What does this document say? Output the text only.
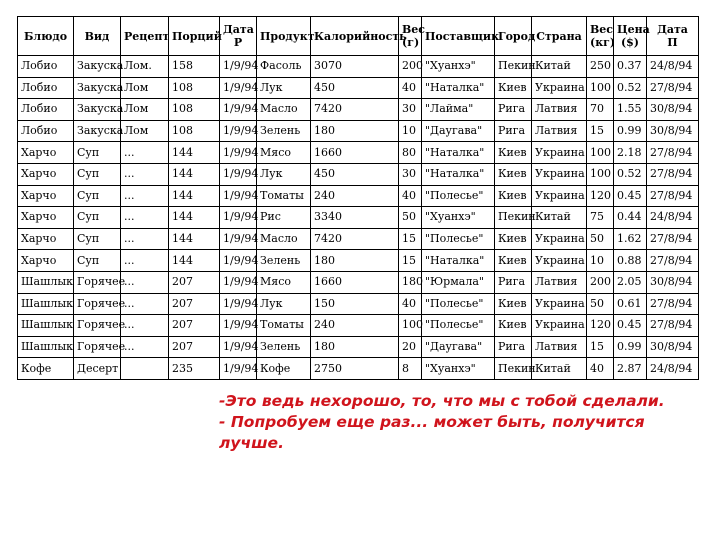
Блюдо	Вид	Рецепт	Порций	Дата Р	Продукт	Калорийность	Вес (г)	Поставщик	Город	Страна	Вес (кг)	Цена ($)	Дата П
Лобио	Закуска	Лом.	158	1/9/94	Фасоль	3070	200	"Хуанхэ"	Пекин	Китай	250	0.37	24/8/94
Лобио	Закуска	Лом	108	1/9/94	Лук	450	40	"Наталка"	Киев	Украина	100	0.52	27/8/94
Лобио	Закуска	Лом	108	1/9/94	Масло	7420	30	"Лайма"	Рига	Латвия	70	1.55	30/8/94
Лобио	Закуска	Лом	108	1/9/94	Зелень	180	10	"Даугава"	Рига	Латвия	15	0.99	30/8/94
Харчо	Суп	...	144	1/9/94	Мясо	1660	80	"Наталка"	Киев	Украина	100	2.18	27/8/94
Харчо	Суп	...	144	1/9/94	Лук	450	30	"Наталка"	Киев	Украина	100	0.52	27/8/94
Харчо	Суп	...	144	1/9/94	Томаты	240	40	"Полесье"	Киев	Украина	120	0.45	27/8/94
Харчо	Суп	...	144	1/9/94	Рис	3340	50	"Хуанхэ"	Пекин	Китай	75	0.44	24/8/94
Харчо	Суп	...	144	1/9/94	Масло	7420	15	"Полесье"	Киев	Украина	50	1.62	27/8/94
Харчо	Суп	...	144	1/9/94	Зелень	180	15	"Наталка"	Киев	Украина	10	0.88	27/8/94
Шашлык	Горячее	...	207	1/9/94	Мясо	1660	180	"Юрмала"	Рига	Латвия	200	2.05	30/8/94
Шашлык	Горячее	...	207	1/9/94	Лук	150	40	"Полесье"	Киев	Украина	50	0.61	27/8/94
Шашлык	Горячее	...	207	1/9/94	Томаты	240	100	"Полесье"	Киев	Украина	120	0.45	27/8/94
Шашлык	Горячее	...	207	1/9/94	Зелень	180	20	"Даугава"	Рига	Латвия	15	0.99	30/8/94
Кофе	Десерт		235	1/9/94	Кофе	2750	8	"Хуанхэ"	Пекин	Китай	40	2.87	24/8/94
-Это ведь нехорошо, то, что мы с тобой сделали.
- Попробуем еще раз... может быть, получится лучше.
